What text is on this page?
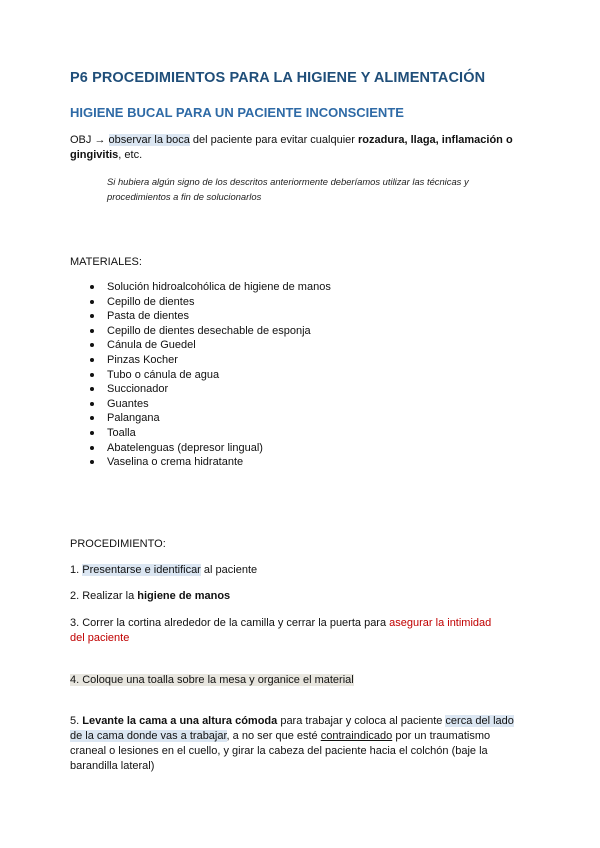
P6 PROCEDIMIENTOS PARA LA HIGIENE Y ALIMENTACIÓN
HIGIENE BUCAL PARA UN PACIENTE INCONSCIENTE
OBJ → observar la boca del paciente para evitar cualquier rozadura, llaga, inflamación o gingivitis, etc.
Si hubiera algún signo de los descritos anteriormente deberíamos utilizar las técnicas y
procedimientos a fin de solucionarlos
MATERIALES:
Solución hidroalcohólica de higiene de manos
Cepillo de dientes
Pasta de dientes
Cepillo de dientes desechable de esponja
Cánula de Guedel
Pinzas Kocher
Tubo o cánula de agua
Succionador
Guantes
Palangana
Toalla
Abatelenguas (depresor lingual)
Vaselina o crema hidratante
PROCEDIMIENTO:
1. Presentarse e identificar al paciente
2. Realizar la higiene de manos
3. Correr la cortina alrededor de la camilla y cerrar la puerta para asegurar la intimidad
del paciente
4. Coloque una toalla sobre la mesa y organice el material
5. Levante la cama a una altura cómoda para trabajar y coloca al paciente cerca del lado
de la cama donde vas a trabajar, a no ser que esté contraindicado por un traumatismo
craneal o lesiones en el cuello, y girar la cabeza del paciente hacia el colchón (baje la
barandilla lateral)
